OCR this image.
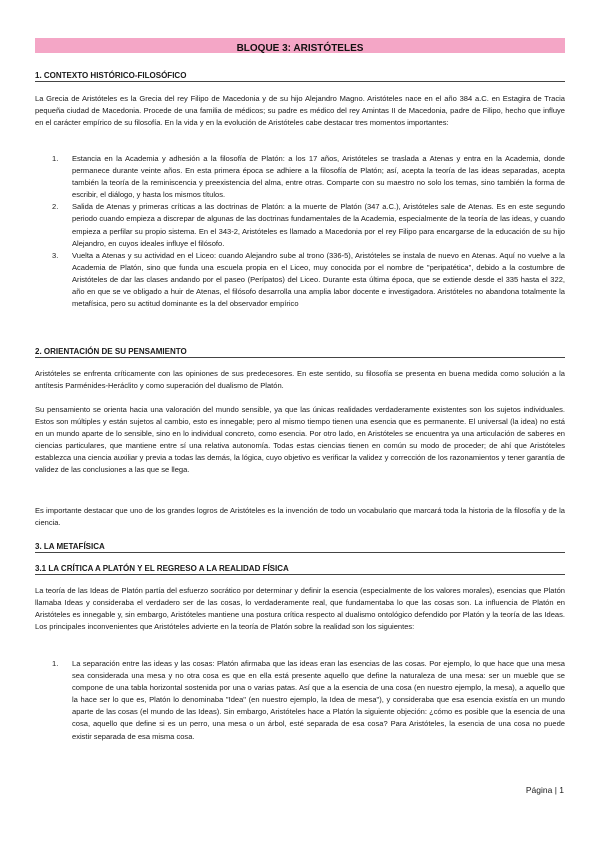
BLOQUE 3: ARISTÓTELES
1. CONTEXTO HISTÓRICO-FILOSÓFICO
La Grecia de Aristóteles es la Grecia del rey Filipo de Macedonia y de su hijo Alejandro Magno. Aristóteles nace en el año 384 a.C. en Estagira de Tracia pequeña ciudad de Macedonia. Procede de una familia de médicos; su padre es médico del rey Amintas II de Macedonia, padre de Filipo, hecho que influye en el carácter empírico de su filosofía. En la vida y en la evolución de Aristóteles cabe destacar tres momentos importantes:
1. Estancia en la Academia y adhesión a la filosofía de Platón: a los 17 años, Aristóteles se traslada a Atenas y entra en la Academia, donde permanece durante veinte años. En esta primera época se adhiere a la filosofía de Platón; así, acepta la teoría de las ideas separadas, acepta también la teoría de la reminiscencia y preexistencia del alma, entre otras. Comparte con su maestro no solo los temas, sino también la forma de escribir, el diálogo, y hasta los mismos títulos.
2. Salida de Atenas y primeras críticas a las doctrinas de Platón: a la muerte de Platón (347 a.C.), Aristóteles sale de Atenas. Es en este segundo periodo cuando empieza a discrepar de algunas de las doctrinas fundamentales de la Academia, especialmente de la teoría de las ideas, y cuando empieza a perfilar su propio sistema. En el 343-2, Aristóteles es llamado a Macedonia por el rey Filipo para encargarse de la educación de su hijo Alejandro, en cuyos ideales influye el filósofo.
3. Vuelta a Atenas y su actividad en el Liceo: cuando Alejandro sube al trono (336-5), Aristóteles se instala de nuevo en Atenas. Aquí no vuelve a la Academia de Platón, sino que funda una escuela propia en el Liceo, muy conocida por el nombre de "peripatética", debido a la costumbre de Aristóteles de dar las clases andando por el paseo (Perípatos) del Liceo. Durante esta última época, que se extiende desde el 335 hasta el 322, año en que se ve obligado a huir de Atenas, el filósofo desarrolla una amplia labor docente e investigadora. Aristóteles no abandona totalmente la metafísica, pero su actitud dominante es la del observador empírico
2. ORIENTACIÓN DE SU PENSAMIENTO
Aristóteles se enfrenta críticamente con las opiniones de sus predecesores. En este sentido, su filosofía se presenta en buena medida como solución a la antítesis Parménides-Heráclito y como superación del dualismo de Platón.
Su pensamiento se orienta hacia una valoración del mundo sensible, ya que las únicas realidades verdaderamente existentes son los sujetos individuales. Estos son múltiples y están sujetos al cambio, esto es innegable; pero al mismo tiempo tienen una esencia que es permanente. El universal (la idea) no está en un mundo aparte de lo sensible, sino en lo individual concreto, como esencia. Por otro lado, en Aristóteles se encuentra ya una articulación de saberes en ciencias particulares, que mantiene entre sí una relativa autonomía. Todas estas ciencias tienen en común su modo de proceder; de ahí que Aristóteles establezca una ciencia auxiliar y previa a todas las demás, la lógica, cuyo objetivo es verificar la validez y corrección de los razonamientos y tener garantía de validez de las conclusiones a las que se llega.
Es importante destacar que uno de los grandes logros de Aristóteles es la invención de todo un vocabulario que marcará toda la historia de la filosofía y de la ciencia.
3. LA METAFÍSICA
3.1 LA CRÍTICA A PLATÓN Y EL REGRESO A LA REALIDAD FÍSICA
La teoría de las Ideas de Platón partía del esfuerzo socrático por determinar y definir la esencia (especialmente de los valores morales), esencias que Platón llamaba Ideas y consideraba el verdadero ser de las cosas, lo verdaderamente real, que fundamentaba lo que las cosas son. La influencia de Platón en Aristóteles es innegable y, sin embargo, Aristóteles mantiene una postura crítica respecto al dualismo ontológico defendido por Platón y la teoría de las Ideas. Los principales inconvenientes que Aristóteles advierte en la teoría de Platón sobre la realidad son los siguientes:
1. La separación entre las ideas y las cosas: Platón afirmaba que las ideas eran las esencias de las cosas. Por ejemplo, lo que hace que una mesa sea considerada una mesa y no otra cosa es que en ella está presente aquello que define la naturaleza de una mesa: ser un mueble que se compone de una tabla horizontal sostenida por una o varias patas. Así que a la esencia de una cosa (en nuestro ejemplo, la mesa), a aquello que la hace ser lo que es, Platón lo denominaba "Idea" (en nuestro ejemplo, la Idea de mesa"), y consideraba que esa esencia existía en un mundo aparte de las cosas (el mundo de las Ideas). Sin embargo, Aristóteles hace a Platón la siguiente objeción: ¿cómo es posible que la esencia de una cosa, aquello que define si es un perro, una mesa o un árbol, esté separada de esa cosa? Para Aristóteles, la esencia de una cosa no puede existir separada de esa misma cosa.
Página | 1
